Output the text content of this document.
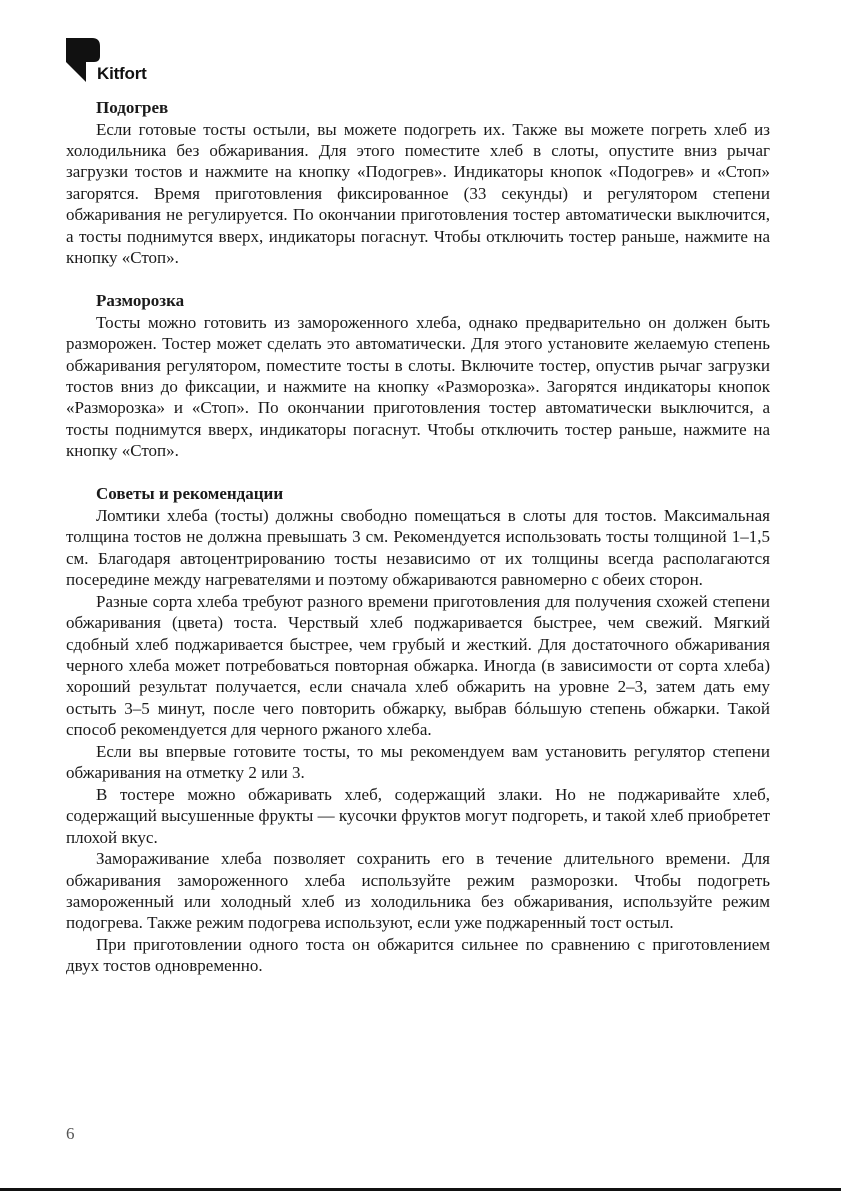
Kitfort
Подогрев

Если готовые тосты остыли, вы можете подогреть их. Также вы можете погреть хлеб из холодильника без обжаривания. Для этого поместите хлеб в слоты, опустите вниз рычаг загрузки тостов и нажмите на кнопку «Подогрев». Индикаторы кнопок «Подогрев» и «Стоп» загорятся. Время приготовления фиксированное (33 секунды) и регулятором степени обжаривания не регулируется. По окончании приготовления тостер автоматически выключится, а тосты поднимутся вверх, индикаторы погаснут. Чтобы отключить тостер раньше, нажмите на кнопку «Стоп».

Разморозка

Тосты можно готовить из замороженного хлеба, однако предварительно он должен быть разморожен. Тостер может сделать это автоматически. Для этого установите желаемую степень обжаривания регулятором, поместите тосты в слоты. Включите тостер, опустив рычаг загрузки тостов вниз до фиксации, и нажмите на кнопку «Разморозка». Загорятся индикаторы кнопок «Разморозка» и «Стоп». По окончании приготовления тостер автоматически выключится, а тосты поднимутся вверх, индикаторы погаснут. Чтобы отключить тостер раньше, нажмите на кнопку «Стоп».

Советы и рекомендации

Ломтики хлеба (тосты) должны свободно помещаться в слоты для тостов. Максимальная толщина тостов не должна превышать 3 см. Рекомендуется использовать тосты толщиной 1–1,5 см. Благодаря автоцентрированию тосты независимо от их толщины всегда располагаются посередине между нагревателями и поэтому обжариваются равномерно с обеих сторон.

Разные сорта хлеба требуют разного времени приготовления для получения схожей степени обжаривания (цвета) тоста. Черствый хлеб поджаривается быстрее, чем свежий. Мягкий сдобный хлеб поджаривается быстрее, чем грубый и жесткий. Для достаточного обжаривания черного хлеба может потребоваться повторная обжарка. Иногда (в зависимости от сорта хлеба) хороший результат получается, если сначала хлеб обжарить на уровне 2–3, затем дать ему остыть 3–5 минут, после чего повторить обжарку, выбрав бóльшую степень обжарки. Такой способ рекомендуется для черного ржаного хлеба.

Если вы впервые готовите тосты, то мы рекомендуем вам установить регулятор степени обжаривания на отметку 2 или 3.

В тостере можно обжаривать хлеб, содержащий злаки. Но не поджаривайте хлеб, содержащий высушенные фрукты — кусочки фруктов могут подгореть, и такой хлеб приобретет плохой вкус.

Замораживание хлеба позволяет сохранить его в течение длительного времени. Для обжаривания замороженного хлеба используйте режим разморозки. Чтобы подогреть замороженный или холодный хлеб из холодильника без обжаривания, используйте режим подогрева. Также режим подогрева используют, если уже поджаренный тост остыл.

При приготовлении одного тоста он обжарится сильнее по сравнению с приготовлением двух тостов одновременно.

6
